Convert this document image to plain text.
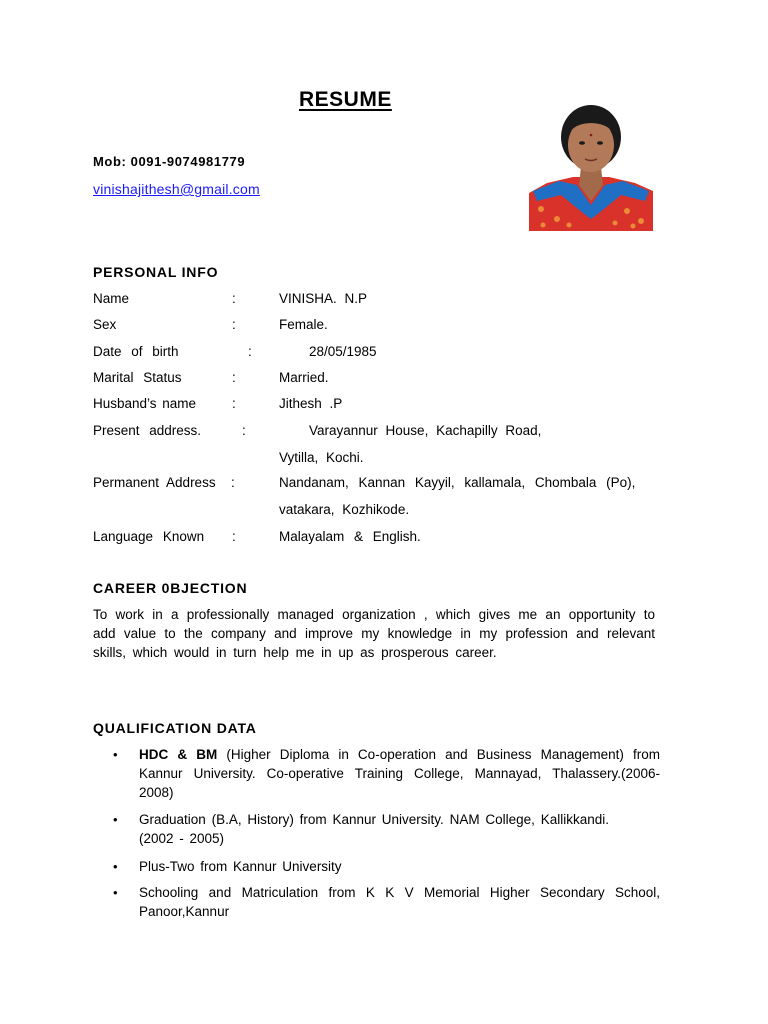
RESUME
Mob: 0091-9074981779
vinishajithesh@gmail.com
PERSONAL INFO
Name	:	VINISHA. N.P
Sex	:	Female.
Date of birth	:	28/05/1985
Marital Status	:	Married.
Husband’s name	:	Jithesh .P
Present address.	:	Varayannur House, Kachapilly Road,
Vytilla, Kochi.
Permanent Address :	Nandanam, Kannan Kayyil, kallamala, Chombala (Po),
vatakara, Kozhikode.
Language Known :	Malayalam & English.
CAREER 0BJECTION
To work in a professionally managed organization , which gives me an opportunity to add value to the company and improve my knowledge in my profession and relevant skills, which would in turn help me in up as prosperous career.
QUALIFICATION DATA
• HDC & BM (Higher Diploma in Co-operation and Business Management) from Kannur University. Co-operative Training College, Mannayad, Thalassery.(2006-2008)
• Graduation (B.A, History) from Kannur University. NAM College, Kallikkandi.(2002 - 2005)
• Plus-Two from Kannur University
• Schooling and Matriculation from K K V Memorial Higher Secondary School, Panoor,Kannur
